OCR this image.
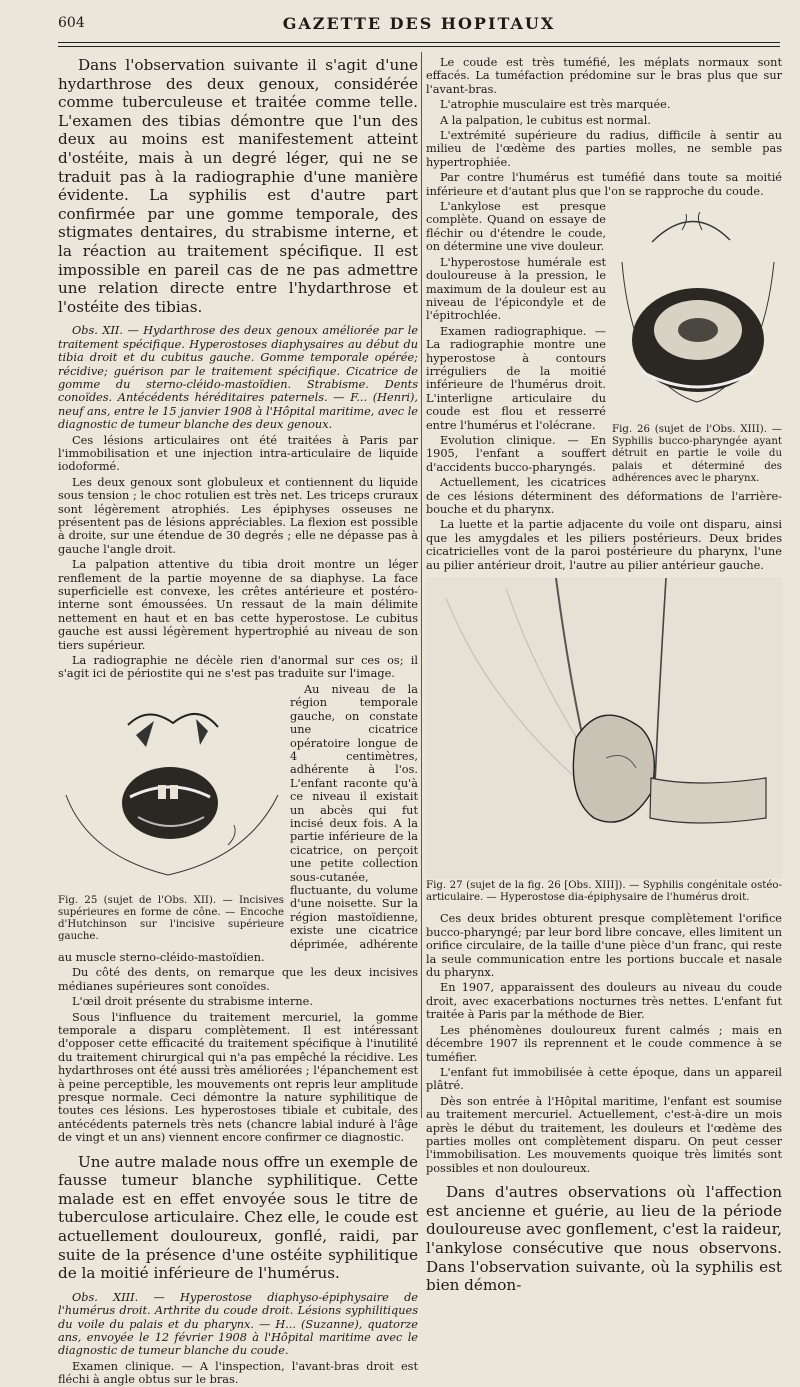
604	GAZETTE DES HOPITAUX

Dans l'observation suivante il s'agit d'une hydarthrose des deux genoux, considérée comme tuberculeuse et traitée comme telle. L'examen des tibias démontre que l'un des deux au moins est manifestement atteint d'ostéite, mais à un degré léger, qui ne se traduit pas à la radiographie d'une manière évidente. La syphilis est d'autre part confirmée par une gomme temporale, des stigmates dentaires, du strabisme interne, et la réaction au traitement spécifique. Il est impossible en pareil cas de ne pas admettre une relation directe entre l'hydarthrose et l'ostéite des tibias.

Obs. XII. — Hydarthrose des deux genoux améliorée par le traitement spécifique. Hyperostoses diaphysaires au début du tibia droit et du cubitus gauche. Gomme temporale opérée; récidive; guérison par le traitement spécifique. Cicatrice de gomme du sterno-cléido-mastoïdien. Strabisme. Dents conoïdes. Antécédents héréditaires paternels. — F... (Henri), neuf ans, entre le 15 janvier 1908 à l'Hôpital maritime, avec le diagnostic de tumeur blanche des deux genoux.

Ces lésions articulaires ont été traitées à Paris par l'immobilisation et une injection intra-articulaire de liquide iodoformé.

Les deux genoux sont globuleux et contiennent du liquide sous tension ; le choc rotulien est très net. Les triceps cruraux sont légèrement atrophiés. Les épiphyses osseuses ne présentent pas de lésions appréciables. La flexion est possible à droite, sur une étendue de 30 degrés ; elle ne dépasse pas à gauche l'angle droit.

La palpation attentive du tibia droit montre un léger renflement de la partie moyenne de sa diaphyse. La face superficielle est convexe, les crêtes antérieure et postéro-interne sont émoussées. Un ressaut de la main délimite nettement en haut et en bas cette hyperostose. Le cubitus gauche est aussi légèrement hypertrophié au niveau de son tiers supérieur.

La radiographie ne décèle rien d'anormal sur ces os; il s'agit ici de périostite qui ne s'est pas traduite sur l'image.

Fig. 25 (sujet de l'Obs. XII). — Incisives supérieures en forme de cône. — Encoche d'Hutchinson sur l'incisive supérieure gauche.

Au niveau de la région temporale gauche, on constate une cicatrice opératoire longue de 4 centimètres, adhérente à l'os. L'enfant raconte qu'à ce niveau il existait un abcès qui fut incisé deux fois. A la partie inférieure de la cicatrice, on perçoit une petite collection sous-cutanée, fluctuante, du volume d'une noisette. Sur la région mastoïdienne, existe une cicatrice déprimée, adhérente au muscle sterno-cléido-mastoïdien.

Du côté des dents, on remarque que les deux incisives médianes supérieures sont conoïdes.

L'œil droit présente du strabisme interne.

Sous l'influence du traitement mercuriel, la gomme temporale a disparu complètement. Il est intéressant d'opposer cette efficacité du traitement spécifique à l'inutilité du traitement chirurgical qui n'a pas empêché la récidive. Les hydarthroses ont été aussi très améliorées ; l'épanchement est à peine perceptible, les mouvements ont repris leur amplitude presque normale. Ceci démontre la nature syphilitique de toutes ces lésions. Les hyperostoses tibiale et cubitale, des antécédents paternels très nets (chancre labial induré à l'âge de vingt et un ans) viennent encore confirmer ce diagnostic.

Une autre malade nous offre un exemple de fausse tumeur blanche syphilitique. Cette malade est en effet envoyée sous le titre de tuberculose articulaire. Chez elle, le coude est actuellement douloureux, gonflé, raidi, par suite de la présence d'une ostéite syphilitique de la moitié inférieure de l'humérus.

Obs. XIII. — Hyperostose diaphyso-épiphysaire de l'humérus droit. Arthrite du coude droit. Lésions syphilitiques du voile du palais et du pharynx. — H... (Suzanne), quatorze ans, envoyée le 12 février 1908 à l'Hôpital maritime avec le diagnostic de tumeur blanche du coude.

Examen clinique. — A l'inspection, l'avant-bras droit est fléchi à angle obtus sur le bras.

Le coude est très tuméfié, les méplats normaux sont effacés. La tuméfaction prédomine sur le bras plus que sur l'avant-bras.

L'atrophie musculaire est très marquée.

A la palpation, le cubitus est normal.

L'extrémité supérieure du radius, difficile à sentir au milieu de l'œdème des parties molles, ne semble pas hypertrophiée.

Par contre l'humérus est tuméfié dans toute sa moitié inférieure et d'autant plus que l'on se rapproche du coude.

Fig. 26 (sujet de l'Obs. XIII). — Syphilis bucco-pharyngée ayant détruit en partie le voile du palais et déterminé des adhérences avec le pharynx.

L'ankylose est presque complète. Quand on essaye de fléchir ou d'étendre le coude, on détermine une vive douleur.

L'hyperostose humérale est douloureuse à la pression, le maximum de la douleur est au niveau de l'épicondyle et de l'épitrochlée.

Examen radiographique. — La radiographie montre une hyperostose à contours irréguliers de la moitié inférieure de l'humérus droit. L'interligne articulaire du coude est flou et resserré entre l'humérus et l'olécrane.

Evolution clinique. — En 1905, l'enfant a souffert d'accidents bucco-pharyngés.

Actuellement, les cicatrices de ces lésions déterminent des déformations de l'arrière-bouche et du pharynx.

La luette et la partie adjacente du voile ont disparu, ainsi que les amygdales et les piliers postérieurs. Deux brides cicatricielles vont de la paroi postérieure du pharynx, l'une au pilier antérieur droit, l'autre au pilier antérieur gauche.

Fig. 27 (sujet de la fig. 26 [Obs. XIII]). — Syphilis congénitale ostéo-articulaire. — Hyperostose dia-épiphysaire de l'humérus droit.

Ces deux brides obturent presque complètement l'orifice bucco-pharyngé; par leur bord libre concave, elles limitent un orifice circulaire, de la taille d'une pièce d'un franc, qui reste la seule communication entre les portions buccale et nasale du pharynx.

En 1907, apparaissent des douleurs au niveau du coude droit, avec exacerbations nocturnes très nettes. L'enfant fut traitée à Paris par la méthode de Bier.

Les phénomènes douloureux furent calmés ; mais en décembre 1907 ils reprennent et le coude commence à se tuméfier.

L'enfant fut immobilisée à cette époque, dans un appareil plâtré.

Dès son entrée à l'Hôpital maritime, l'enfant est soumise au traitement mercuriel. Actuellement, c'est-à-dire un mois après le début du traitement, les douleurs et l'œdème des parties molles ont complètement disparu. On peut cesser l'immobilisation. Les mouvements quoique très limités sont possibles et non douloureux.

Dans d'autres observations où l'affection est ancienne et guérie, au lieu de la période douloureuse avec gonflement, c'est la raideur, l'ankylose consécutive que nous observons. Dans l'observation suivante, où la syphilis est bien démon-
